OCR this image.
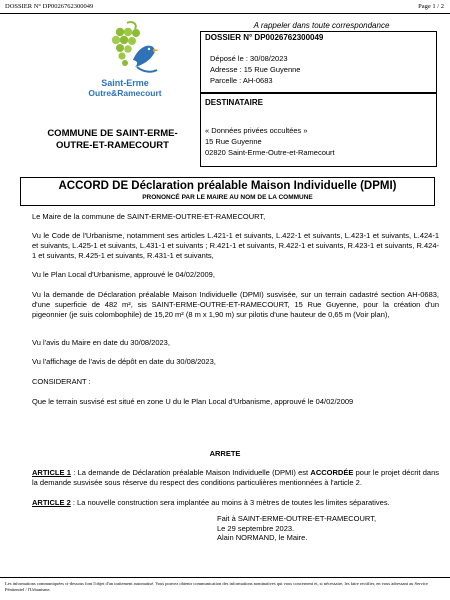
DOSSIER N° DP0026762300049	Page 1 / 2
Saint-Erme
Outre&Ramecourt
COMMUNE DE SAINT-ERME-
OUTRE-ET-RAMECOURT
A rappeler dans toute correspondance
DOSSIER N° DP0026762300049
Déposé le : 30/08/2023
Adresse : 15 Rue Guyenne
Parcelle : AH-0683
DESTINATAIRE
« Données privées occultées »
15 Rue Guyenne
02820 Saint-Erme-Outre-et-Ramecourt
ACCORD DE Déclaration préalable Maison Individuelle (DPMI)
PRONONCÉ PAR LE MAIRE AU NOM DE LA COMMUNE
Le Maire de la commune de SAINT-ERME-OUTRE-ET-RAMECOURT,
Vu le Code de l'Urbanisme, notamment ses articles L.421-1 et suivants, L.422-1 et suivants, L.423-1 et suivants, L.424-1 et suivants, L.425-1 et suivants, L.431-1 et suivants ; R.421-1 et suivants, R.422-1 et suivants, R.423-1 et suivants, R.424-1 et suivants, R.425-1 et suivants, R.431-1 et suivants,
Vu le Plan Local d'Urbanisme, approuvé le 04/02/2009,
Vu la demande de Déclaration préalable Maison Individuelle (DPMI) susvisée, sur un terrain cadastré section AH-0683, d'une superficie de 482 m², sis SAINT-ERME-OUTRE-ET-RAMECOURT, 15 Rue Guyenne, pour la création d'un pigeonnier (je suis colombophile) de 15,20 m² (8 m x 1,90 m) sur pilotis d'une hauteur de 0,65 m (Voir plan),
Vu l'avis du Maire en date du 30/08/2023,
Vu l'affichage de l'avis de dépôt en date du 30/08/2023,
CONSIDERANT :
Que le terrain susvisé est situé en zone U du le Plan Local d'Urbanisme, approuvé le 04/02/2009
ARRETE
ARTICLE 1 : La demande de Déclaration préalable Maison Individuelle (DPMI) est ACCORDÉE pour le projet décrit dans la demande susvisée sous réserve du respect des conditions particulières mentionnées à l'article 2.
ARTICLE 2 : La nouvelle construction sera implantée au moins à 3 mètres de toutes les limites séparatives.
Fait à SAINT-ERME-OUTRE-ET-RAMECOURT,
Le 29 septembre 2023.
Alain NORMAND, le Maire.
Les informations communiquées ci-dessous font l'objet d'un traitement automatisé. Vous pouvez obtenir communication des informations nominatives qui vous concernent et, si nécessaire, les faire rectifier, en vous adressant au Service Pénitentiel / l'Urbanisme.
